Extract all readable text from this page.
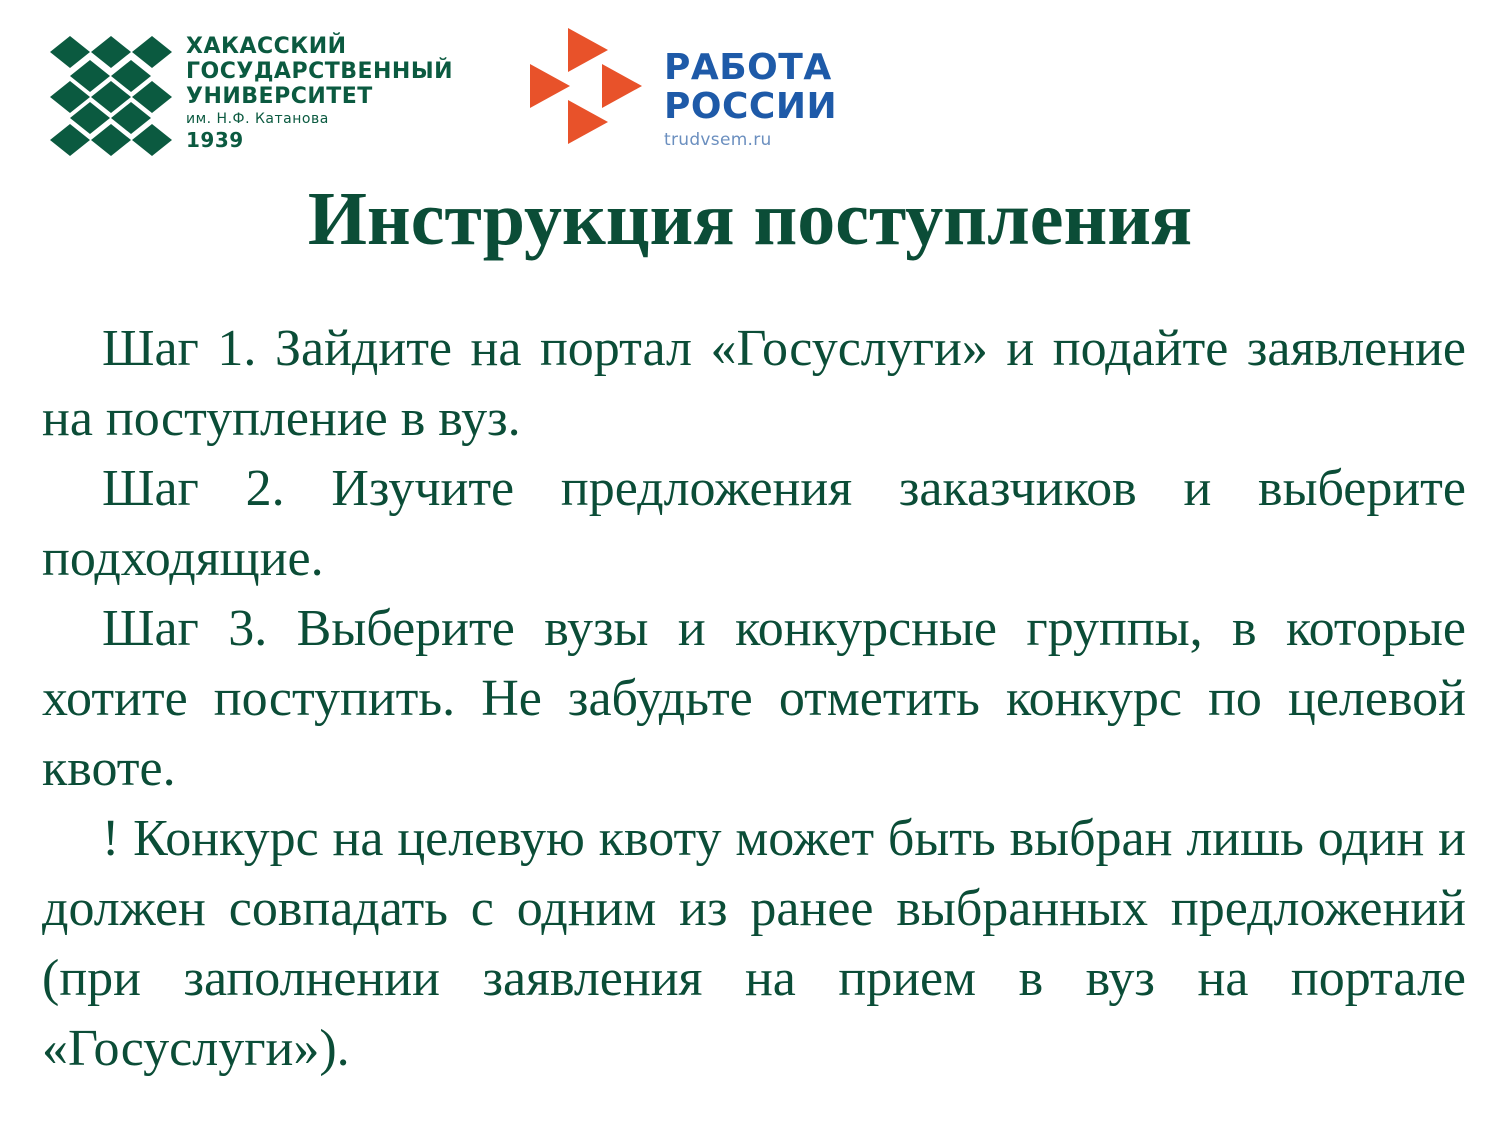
ХАКАССКИЙ
ГОСУДАРСТВЕННЫЙ
УНИВЕРСИТЕТ
им. Н.Ф. Катанова
1939
РАБОТА
РОССИИ
trudvsem.ru
Инструкция поступления

Шаг 1. Зайдите на портал «Госуслуги» и подайте заявление на поступление в вуз.

Шаг 2. Изучите предложения заказчиков и выберите подходящие.

Шаг 3. Выберите вузы и конкурсные группы, в которые хотите поступить. Не забудьте отметить конкурс по целевой квоте.

! Конкурс на целевую квоту может быть выбран лишь один и должен совпадать с одним из ранее выбранных предложений (при заполнении заявления на прием в вуз на портале «Госуслуги»).
